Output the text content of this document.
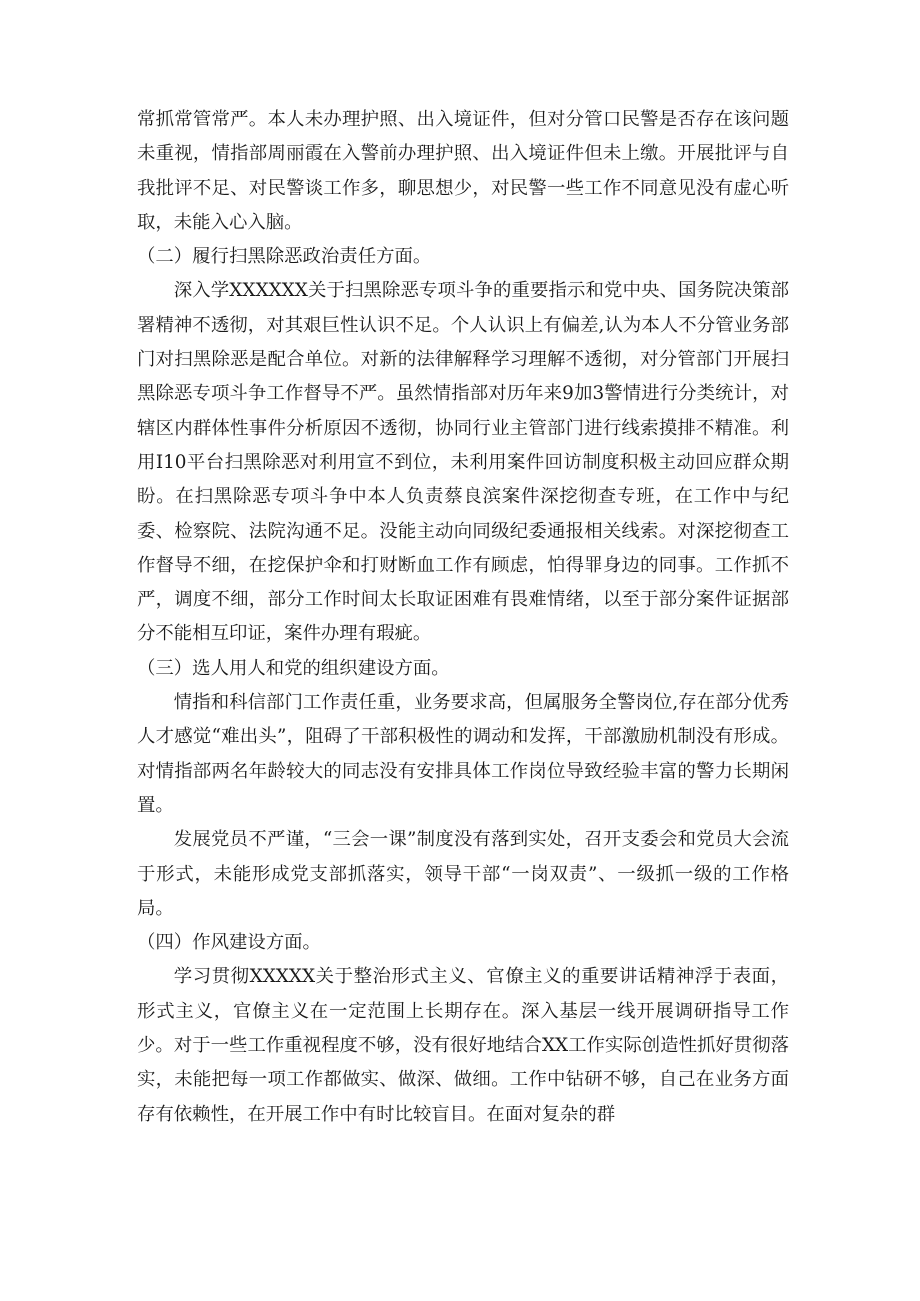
常抓常管常严。本人未办理护照、出入境证件，但对分管口民警是否存在该问题未重视，情指部周丽霞在入警前办理护照、出入境证件但未上缴。开展批评与自我批评不足、对民警谈工作多，聊思想少，对民警一些工作不同意见没有虚心听取，未能入心入脑。

（二）履行扫黑除恶政治责任方面。

深入学XXXXXX关于扫黑除恶专项斗争的重要指示和党中央、国务院决策部署精神不透彻，对其艰巨性认识不足。个人认识上有偏差,认为本人不分管业务部门对扫黑除恶是配合单位。对新的法律解释学习理解不透彻，对分管部门开展扫黑除恶专项斗争工作督导不严。虽然情指部对历年来9加3警情进行分类统计，对辖区内群体性事件分析原因不透彻，协同行业主管部门进行线索摸排不精准。利用I10平台扫黑除恶对利用宣不到位，未利用案件回访制度积极主动回应群众期盼。在扫黑除恶专项斗争中本人负责蔡良滨案件深挖彻查专班，在工作中与纪委、检察院、法院沟通不足。没能主动向同级纪委通报相关线索。对深挖彻查工作督导不细，在挖保护伞和打财断血工作有顾虑，怕得罪身边的同事。工作抓不严，调度不细，部分工作时间太长取证困难有畏难情绪，以至于部分案件证据部分不能相互印证，案件办理有瑕疵。

（三）选人用人和党的组织建设方面。

情指和科信部门工作责任重，业务要求高，但属服务全警岗位,存在部分优秀人才感觉“难出头”，阻碍了干部积极性的调动和发挥，干部激励机制没有形成。对情指部两名年龄较大的同志没有安排具体工作岗位导致经验丰富的警力长期闲置。

发展党员不严谨，“三会一课”制度没有落到实处，召开支委会和党员大会流于形式，未能形成党支部抓落实，领导干部“一岗双责”、一级抓一级的工作格局。

（四）作风建设方面。

学习贯彻XXXXX关于整治形式主义、官僚主义的重要讲话精神浮于表面，形式主义，官僚主义在一定范围上长期存在。深入基层一线开展调研指导工作少。对于一些工作重视程度不够，没有很好地结合XX工作实际创造性抓好贯彻落实，未能把每一项工作都做实、做深、做细。工作中钻研不够，自己在业务方面存有依赖性，在开展工作中有时比较盲目。在面对复杂的群
